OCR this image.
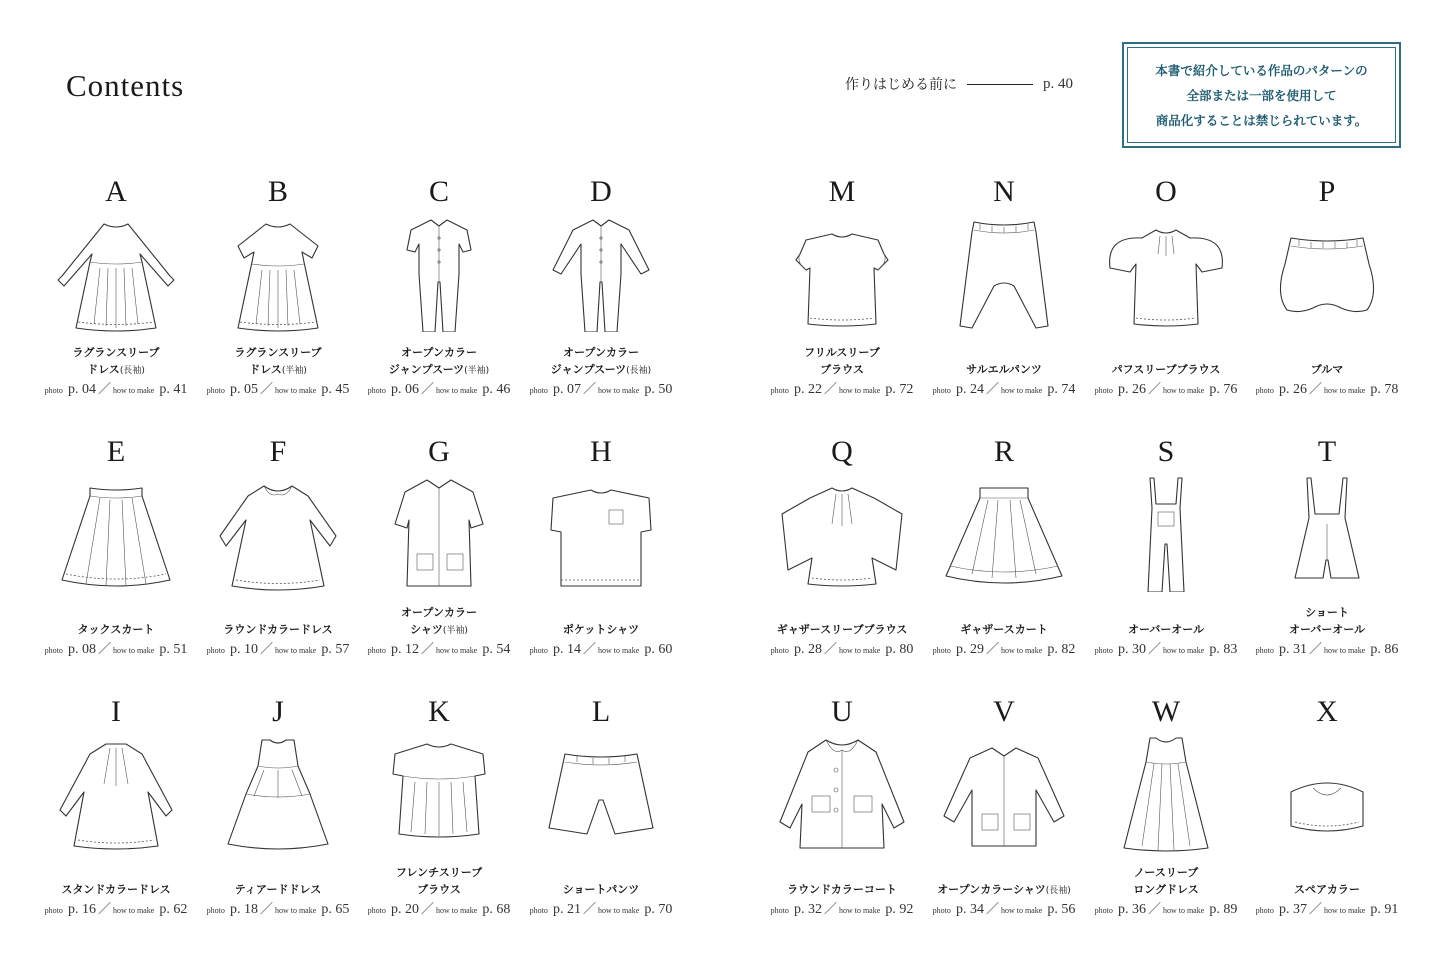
Contents	作りはじめる前に	p. 40
本書で紹介している作品のパターンの
全部または一部を使用して
商品化することは禁じられています。
A
ラグランスリーブ
ドレス(長袖)
photo p. 04 ／ how to make p. 41
B
ラグランスリーブ
ドレス(半袖)
photo p. 05 ／ how to make p. 45
C
オープンカラー
ジャンプスーツ(半袖)
photo p. 06 ／ how to make p. 46
D
オープンカラー
ジャンプスーツ(長袖)
photo p. 07 ／ how to make p. 50
M
フリルスリーブ
ブラウス
photo p. 22 ／ how to make p. 72
N
サルエルパンツ
photo p. 24 ／ how to make p. 74
O
パフスリーブブラウス
photo p. 26 ／ how to make p. 76
P
ブルマ
photo p. 26 ／ how to make p. 78
E
タックスカート
photo p. 08 ／ how to make p. 51
F
ラウンドカラードレス
photo p. 10 ／ how to make p. 57
G
オープンカラー
シャツ(半袖)
photo p. 12 ／ how to make p. 54
H
ポケットシャツ
photo p. 14 ／ how to make p. 60
Q
ギャザースリーブブラウス
photo p. 28 ／ how to make p. 80
R
ギャザースカート
photo p. 29 ／ how to make p. 82
S
オーバーオール
photo p. 30 ／ how to make p. 83
T
ショート
オーバーオール
photo p. 31 ／ how to make p. 86
I
スタンドカラードレス
photo p. 16 ／ how to make p. 62
J
ティアードドレス
photo p. 18 ／ how to make p. 65
K
フレンチスリーブ
ブラウス
photo p. 20 ／ how to make p. 68
L
ショートパンツ
photo p. 21 ／ how to make p. 70
U
ラウンドカラーコート
photo p. 32 ／ how to make p. 92
V
オープンカラーシャツ(長袖)
photo p. 34 ／ how to make p. 56
W
ノースリーブ
ロングドレス
photo p. 36 ／ how to make p. 89
X
スペアカラー
photo p. 37 ／ how to make p. 91
